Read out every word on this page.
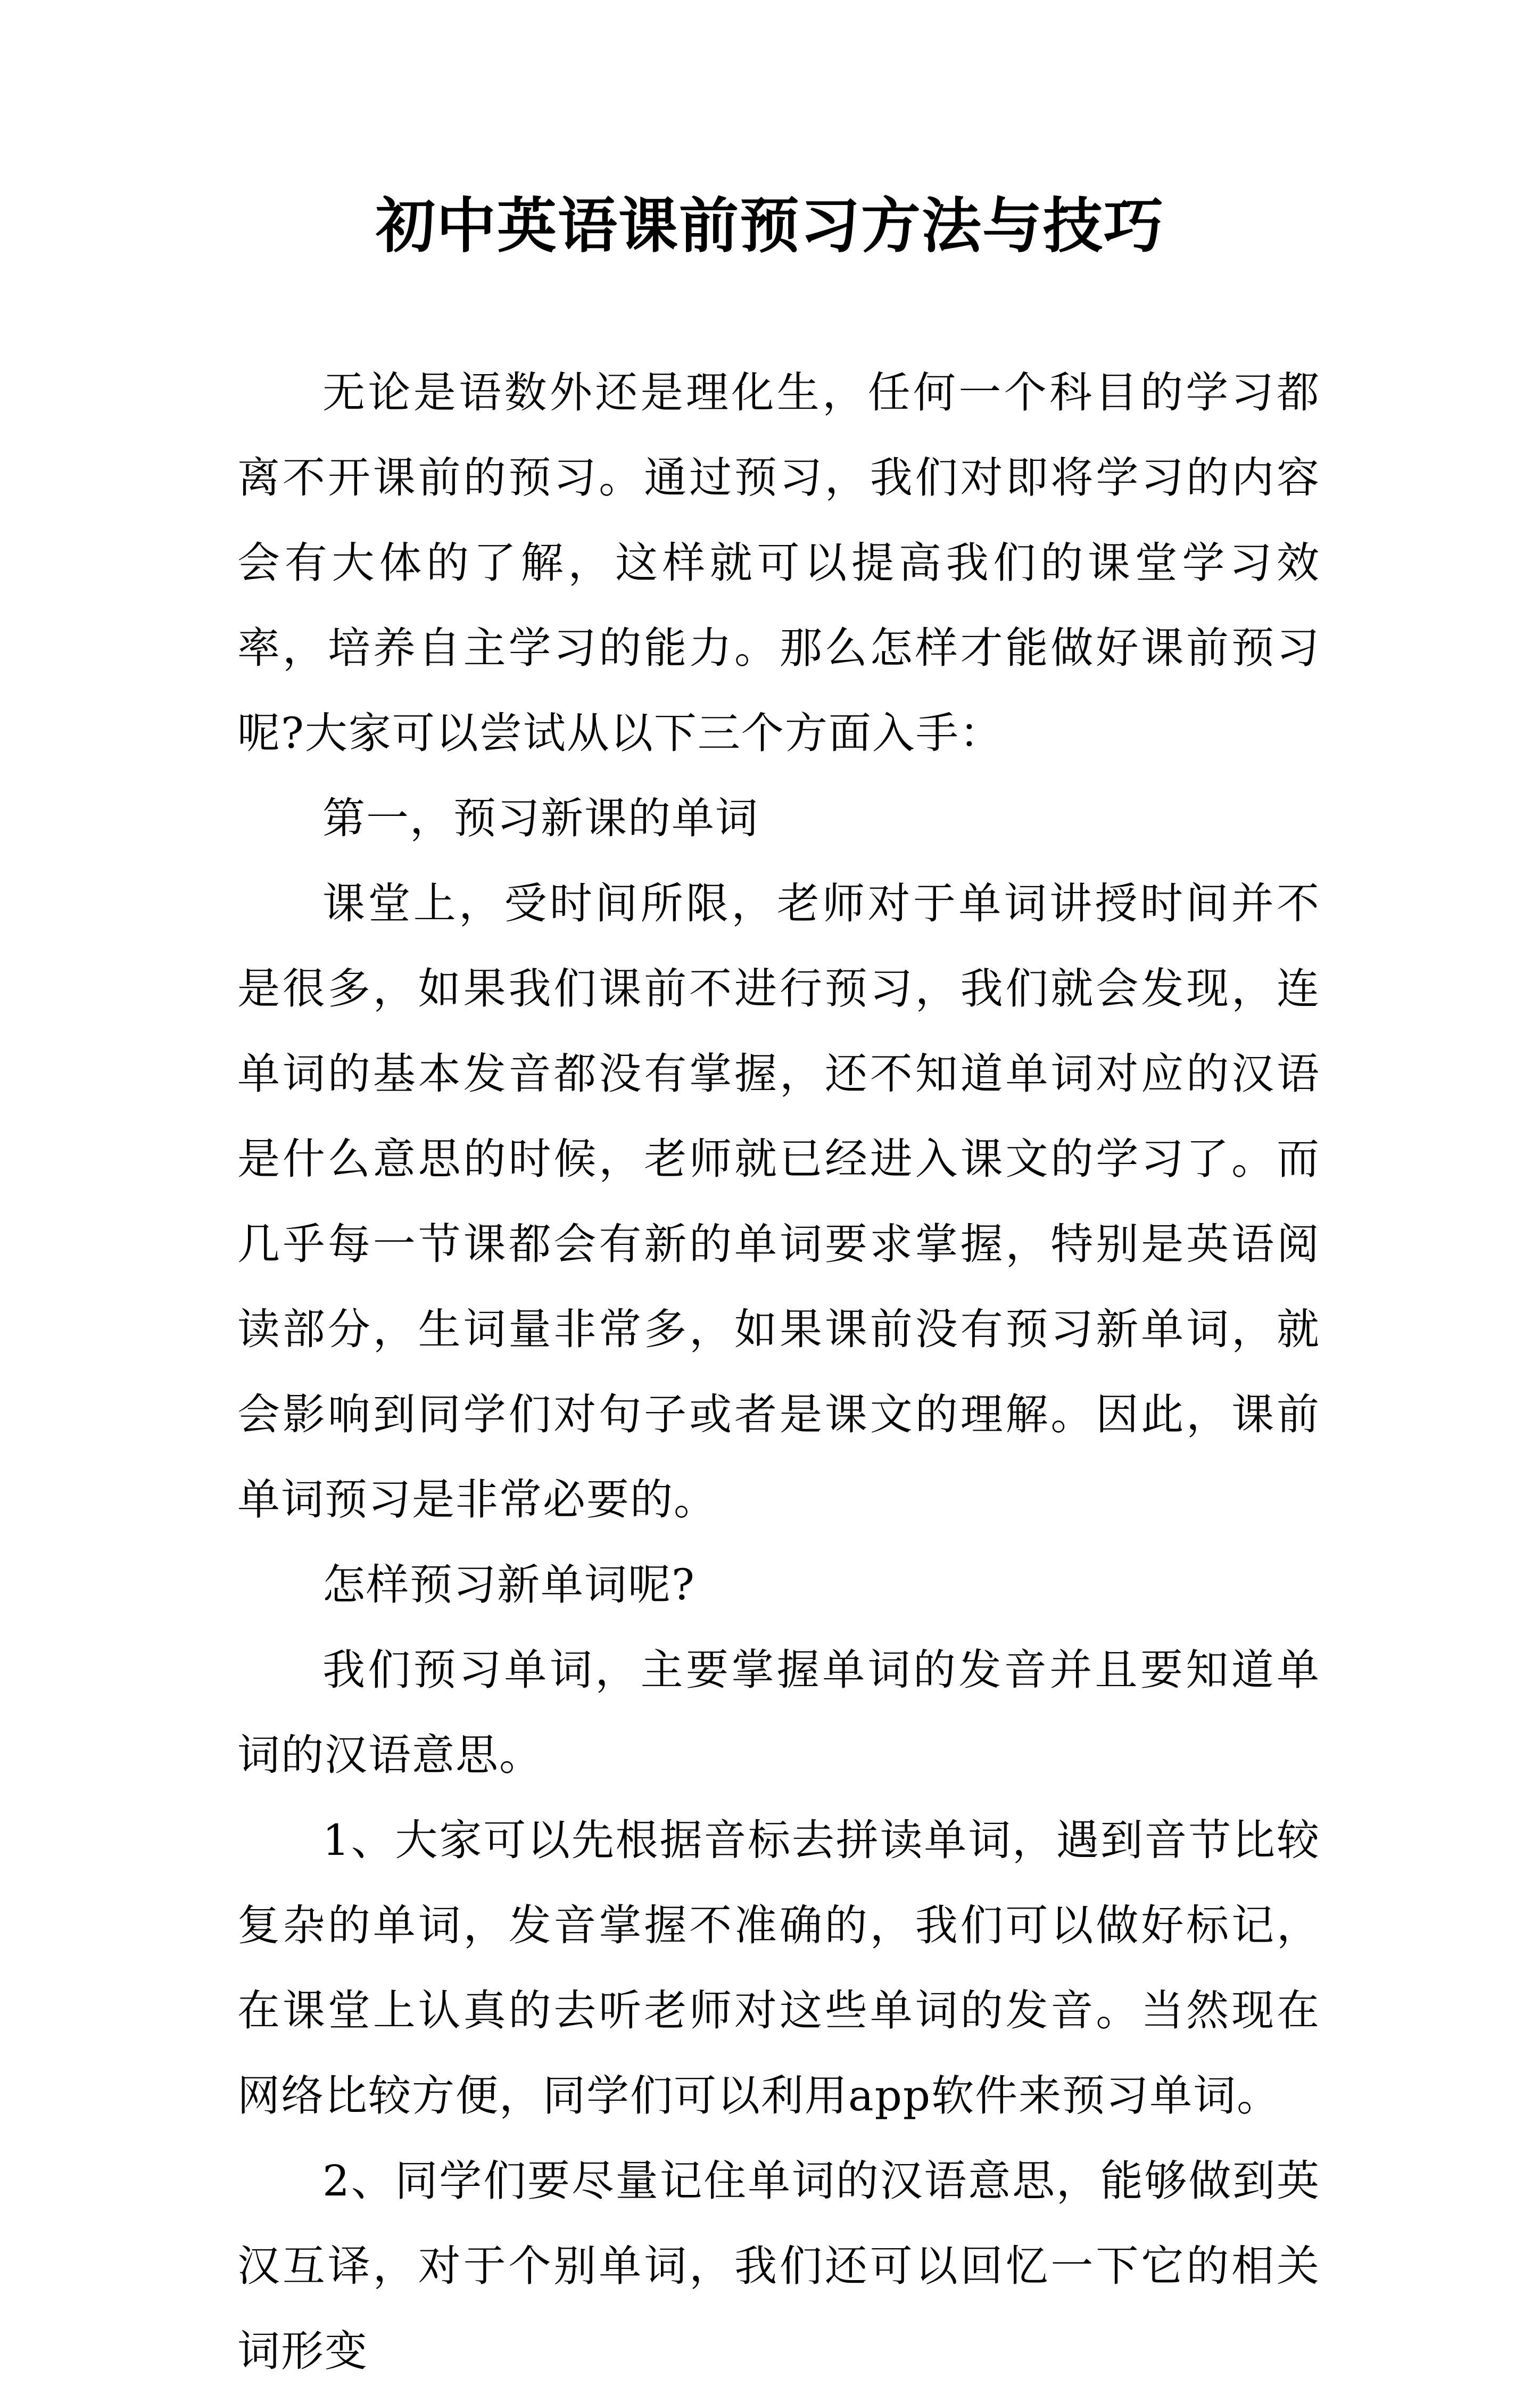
初中英语课前预习方法与技巧

无论是语数外还是理化生，任何一个科目的学习都离不开课前的预习。通过预习，我们对即将学习的内容会有大体的了解，这样就可以提高我们的课堂学习效率，培养自主学习的能力。那么怎样才能做好课前预习呢?大家可以尝试从以下三个方面入手：

第一，预习新课的单词

课堂上，受时间所限，老师对于单词讲授时间并不是很多，如果我们课前不进行预习，我们就会发现，连单词的基本发音都没有掌握，还不知道单词对应的汉语是什么意思的时候，老师就已经进入课文的学习了。而几乎每一节课都会有新的单词要求掌握，特别是英语阅读部分，生词量非常多，如果课前没有预习新单词，就会影响到同学们对句子或者是课文的理解。因此，课前单词预习是非常必要的。

怎样预习新单词呢?

我们预习单词，主要掌握单词的发音并且要知道单词的汉语意思。

1、大家可以先根据音标去拼读单词，遇到音节比较复杂的单词，发音掌握不准确的，我们可以做好标记，在课堂上认真的去听老师对这些单词的发音。当然现在网络比较方便，同学们可以利用app软件来预习单词。

2、同学们要尽量记住单词的汉语意思，能够做到英汉互译，对于个别单词，我们还可以回忆一下它的相关词形变
